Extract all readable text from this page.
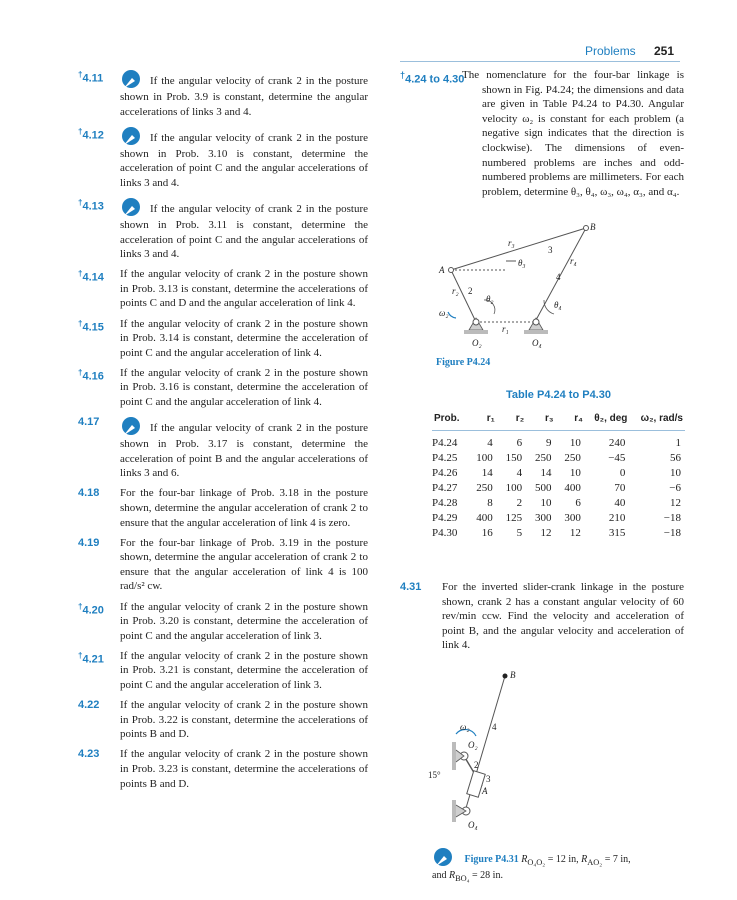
Problems 251
†4.11	If the angular velocity of crank 2 in the posture shown in Prob. 3.9 is constant, determine the angular accelerations of links 3 and 4.
†4.12	If the angular velocity of crank 2 in the posture shown in Prob. 3.10 is constant, determine the acceleration of point C and the angular accelerations of links 3 and 4.
†4.13	If the angular velocity of crank 2 in the posture shown in Prob. 3.11 is constant, determine the acceleration of point C and the angular accelerations of links 3 and 4.
†4.14 If the angular velocity of crank 2 in the posture shown in Prob. 3.13 is constant, determine the accelerations of points C and D and the angular acceleration of link 4.
†4.15 If the angular velocity of crank 2 in the posture shown in Prob. 3.14 is constant, determine the acceleration of point C and the angular acceleration of link 4.
†4.16 If the angular velocity of crank 2 in the posture shown in Prob. 3.16 is constant, determine the acceleration of point C and the angular acceleration of link 4.
4.17	If the angular velocity of crank 2 in the posture shown in Prob. 3.17 is constant, determine the acceleration of point B and the angular accelerations of links 3 and 6.
4.18 For the four-bar linkage of Prob. 3.18 in the posture shown, determine the angular acceleration of crank 2 to ensure that the angular acceleration of link 4 is zero.
4.19 For the four-bar linkage of Prob. 3.19 in the posture shown, determine the angular acceleration of crank 2 to ensure that the angular acceleration of link 4 is 100 rad/s² cw.
†4.20 If the angular velocity of crank 2 in the posture shown in Prob. 3.20 is constant, determine the acceleration of point C and the angular acceleration of link 3.
†4.21 If the angular velocity of crank 2 in the posture shown in Prob. 3.21 is constant, determine the acceleration of point C and the angular acceleration of link 3.
4.22 If the angular velocity of crank 2 in the posture shown in Prob. 3.22 is constant, determine the accelerations of points B and D.
4.23 If the angular velocity of crank 2 in the posture shown in Prob. 3.23 is constant, determine the accelerations of points B and D.
†4.24 to 4.30
The nomenclature for the four-bar linkage is shown in Fig. P4.24; the dimensions and data are given in Table P4.24 to P4.30. Angular velocity ω₂ is constant for each problem (a negative sign indicates that the direction is clockwise). The dimensions of even-numbered problems are inches and odd-numbered problems are millimeters. For each problem, determine θ₃, θ₄, ω₃, ω₄, α₃, and α₄.
A
B
r₃
θ₃
3
r₄
4
θ₄
r₂ 2
θ₂
ω₂
r₁
O₂	O₄
Figure P4.24
Table P4.24 to P4.30
Prob.	r₁	r₂	r₃	r₄	θ₂, deg	ω₂, rad/s
P4.24	4	6	9	10	240	1
P4.25	100	150	250	250	−45	56
P4.26	14	4	14	10	0	10
P4.27	250	100	500	400	70	−6
P4.28	8	2	10	6	40	12
P4.29	400	125	300	300	210	−18
P4.30	16	5	12	12	315	−18
4.31 For the inverted slider-crank linkage in the posture shown, crank 2 has a constant angular velocity of 60 rev/min ccw. Find the velocity and acceleration of point B, and the angular velocity and acceleration of link 4.
B
ω₂	4
O₂
2
15°	3
A
O₄
Figure P4.31 $R_{O_4O_2} = 12$ in, $R_{AO_2} = 7$ in,
and $R_{BO_4} = 28$ in.
